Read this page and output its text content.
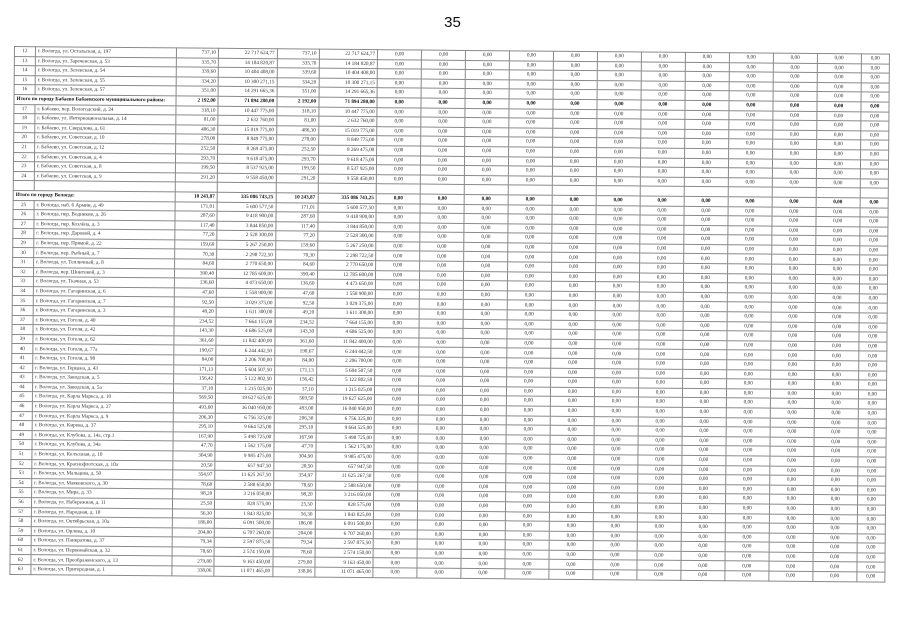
35
12	г. Вологда, ул. Остальская, д. 197	737,10	22 717 624,77	737,10	22 717 624,77	0,00	0,00	0,00	0,00	0,00	0,00	0,00	0,00	0,00	0,00	0,00	0,00
13	г. Вологда, ул. Зареченская, д. 53	335,70	14 184 820,87	335,70	14 184 820,87	0,00	0,00	0,00	0,00	0,00	0,00	0,00	0,00	0,00	0,00	0,00	0,00
14	г. Вологда, ул. Зеленская, д. 54	339,60	10 404 408,00	339,60	10 404 408,00	0,00	0,00	0,00	0,00	0,00	0,00	0,00	0,00	0,00	0,00	0,00	0,00
15	г. Вологда, ул. Зеленская, д. 55	334,20	10 300 271,15	334,20	10 300 271,15	0,00	0,00	0,00	0,00	0,00	0,00	0,00	0,00	0,00	0,00	0,00	0,00
16	г. Вологда, ул. Зеленская, д. 57	351,00	14 291 665,36	351,00	14 291 665,36	0,00	0,00	0,00	0,00	0,00	0,00	0,00	0,00	0,00	0,00	0,00	0,00
Итого по городу Бабаево Бабаевского муниципального района:		2 192,00	71 894 280,00	2 192,00	71 894 280,00	0,00	0,00	0,00	0,00	0,00	0,00	0,00	0,00	0,00	0,00	0,00	0,00
17	г. Бабаево, пер. Вологодский, д. 24	318,10	10 447 775,00	318,10	10 447 775,00	0,00	0,00	0,00	0,00	0,00	0,00	0,00	0,00	0,00	0,00	0,00	0,00
18	г. Бабаево, ул. Интернациональная, д. 14	81,00	2 632 760,00	81,00	2 632 760,00	0,00	0,00	0,00	0,00	0,00	0,00	0,00	0,00	0,00	0,00	0,00	0,00
19	г. Бабаево, ул. Свердлова, д. 61	486,30	15 019 775,00	486,30	15 019 775,00	0,00	0,00	0,00	0,00	0,00	0,00	0,00	0,00	0,00	0,00	0,00	0,00
20	г. Бабаево, ул. Советская, д. 10	278,00	8 849 775,00	278,00	8 849 775,00	0,00	0,00	0,00	0,00	0,00	0,00	0,00	0,00	0,00	0,00	0,00	0,00
21	г. Бабаево, ул. Советская, д. 12	252,50	8 269 475,00	252,50	8 269 475,00	0,00	0,00	0,00	0,00	0,00	0,00	0,00	0,00	0,00	0,00	0,00	0,00
22	г. Бабаево, ул. Советская, д. 4	293,70	9 618 475,00	293,70	9 618 475,00	0,00	0,00	0,00	0,00	0,00	0,00	0,00	0,00	0,00	0,00	0,00	0,00
23	г. Бабаево, ул. Советская, д. 8	199,50	8 537 925,00	199,50	8 537 925,00	0,00	0,00	0,00	0,00	0,00	0,00	0,00	0,00	0,00	0,00	0,00	0,00
24	г. Бабаево, ул. Советская, д. 9	291,20	9 558 450,00	291,20	9 558 450,00	0,00	0,00	0,00	0,00	0,00	0,00	0,00	0,00	0,00	0,00	0,00	0,00

Итого по городу Вологде:		10 243,87	335 086 743,25	10 243,87	335 086 743,25	0,00	0,00	0,00	0,00	0,00	0,00	0,00	0,00	0,00	0,00	0,00	0,00
25	г. Вологда, наб. 6 Армии, д. 49	171,01	5 600 577,50	171,01	5 600 577,50	0,00	0,00	0,00	0,00	0,00	0,00	0,00	0,00	0,00	0,00	0,00	0,00
26	г. Вологда, пер. Водников, д. 26	287,60	9 418 900,00	287,60	9 418 900,00	0,00	0,00	0,00	0,00	0,00	0,00	0,00	0,00	0,00	0,00	0,00	0,00
27	г. Вологда, пер. Козлёна, д. 3	117,40	3 844 850,00	117,40	3 844 850,00	0,00	0,00	0,00	0,00	0,00	0,00	0,00	0,00	0,00	0,00	0,00	0,00
28	г. Вологда, пер. Даровой, д. 4	77,20	2 528 300,00	77,20	2 528 300,00	0,00	0,00	0,00	0,00	0,00	0,00	0,00	0,00	0,00	0,00	0,00	0,00
29	г. Вологда, пер. Прямой, д. 22	159,60	5 267 250,00	159,60	5 267 250,00	0,00	0,00	0,00	0,00	0,00	0,00	0,00	0,00	0,00	0,00	0,00	0,00
30	г. Вологда, пер. Рыбный, д. 7	70,30	2 298 722,50	70,30	2 298 722,50	0,00	0,00	0,00	0,00	0,00	0,00	0,00	0,00	0,00	0,00	0,00	0,00
31	г. Вологда, ул. Тепличный, д. 8	84,60	2 770 650,00	84,60	2 770 650,00	0,00	0,00	0,00	0,00	0,00	0,00	0,00	0,00	0,00	0,00	0,00	0,00
32	г. Вологда, пер. Шнитовой, д. 3	390,40	12 785 600,00	390,40	12 785 600,00	0,00	0,00	0,00	0,00	0,00	0,00	0,00	0,00	0,00	0,00	0,00	0,00
33	г. Вологда, ул. Ткачная, д. 53	136,60	4 473 650,00	136,60	4 473 650,00	0,00	0,00	0,00	0,00	0,00	0,00	0,00	0,00	0,00	0,00	0,00	0,00
34	г. Вологда, ул. Гагаринская, д. 6	47,60	1 558 900,00	47,60	1 558 900,00	0,00	0,00	0,00	0,00	0,00	0,00	0,00	0,00	0,00	0,00	0,00	0,00
35	г. Вологда, ул. Гагаринская, д. 7	92,50	3 029 375,00	92,50	3 029 375,00	0,00	0,00	0,00	0,00	0,00	0,00	0,00	0,00	0,00	0,00	0,00	0,00
36	г. Вологда, ул. Гагаринская, д. 3	49,20	1 611 300,00	49,20	1 611 300,00	0,00	0,00	0,00	0,00	0,00	0,00	0,00	0,00	0,00	0,00	0,00	0,00
37	г. Вологда, ул. Гоголя, д. 40	234,52	7 664 155,00	234,52	7 664 155,00	0,00	0,00	0,00	0,00	0,00	0,00	0,00	0,00	0,00	0,00	0,00	0,00
38	г. Вологда, ул. Гоголя, д. 42	143,30	4 686 525,00	143,30	4 686 525,00	0,00	0,00	0,00	0,00	0,00	0,00	0,00	0,00	0,00	0,00	0,00	0,00
39	г. Вологда, ул. Гоголя, д. 62	361,60	11 842 400,00	361,60	11 842 400,00	0,00	0,00	0,00	0,00	0,00	0,00	0,00	0,00	0,00	0,00	0,00	0,00
40	г. Вологда, ул. Гоголя, д. 77а	190,67	6 244 442,50	190,67	6 244 442,50	0,00	0,00	0,00	0,00	0,00	0,00	0,00	0,00	0,00	0,00	0,00	0,00
41	г. Вологда, ул. Гоголя, д. 98	84,00	2 206 700,00	84,00	2 206 700,00	0,00	0,00	0,00	0,00	0,00	0,00	0,00	0,00	0,00	0,00	0,00	0,00
42	г. Вологда, ул. Герцена, д. 43	171,13	5 604 507,50	171,13	5 604 507,50	0,00	0,00	0,00	0,00	0,00	0,00	0,00	0,00	0,00	0,00	0,00	0,00
43	г. Вологда, ул. Заводская, д. 5	156,42	5 122 802,50	156,42	5 122 802,50	0,00	0,00	0,00	0,00	0,00	0,00	0,00	0,00	0,00	0,00	0,00	0,00
44	г. Вологда, ул. Заводская, д. 5а	37,10	1 215 025,00	37,10	1 215 025,00	0,00	0,00	0,00	0,00	0,00	0,00	0,00	0,00	0,00	0,00	0,00	0,00
45	г. Вологда, ул. Карла Маркса, д. 10	569,50	19 627 625,00	569,50	19 627 625,00	0,00	0,00	0,00	0,00	0,00	0,00	0,00	0,00	0,00	0,00	0,00	0,00
46	г. Вологда, ул. Карла Маркса, д. 27	493,00	16 040 950,00	493,00	16 040 950,00	0,00	0,00	0,00	0,00	0,00	0,00	0,00	0,00	0,00	0,00	0,00	0,00
47	г. Вологда, ул. Карла Маркса, д. 9	206,30	6 756 325,00	206,30	6 756 325,00	0,00	0,00	0,00	0,00	0,00	0,00	0,00	0,00	0,00	0,00	0,00	0,00
48	г. Вологда, ул. Кирова, д. 37	295,10	9 664 525,00	295,10	9 664 525,00	0,00	0,00	0,00	0,00	0,00	0,00	0,00	0,00	0,00	0,00	0,00	0,00
49	г. Вологда, ул. Клубова, д. 14а, стр.1	167,90	5 498 725,00	167,90	5 498 725,00	0,00	0,00	0,00	0,00	0,00	0,00	0,00	0,00	0,00	0,00	0,00	0,00
50	г. Вологда, ул. Клубова, д. 34а	47,70	1 562 175,00	47,70	1 562 175,00	0,00	0,00	0,00	0,00	0,00	0,00	0,00	0,00	0,00	0,00	0,00	0,00
51	г. Вологда, ул. Колхозная, д. 10	304,90	9 985 475,00	304,90	9 985 475,00	0,00	0,00	0,00	0,00	0,00	0,00	0,00	0,00	0,00	0,00	0,00	0,00
52	г. Вологда, ул. Краснофлотская, д. 10а	20,50	657 947,50	20,50	657 947,50	0,00	0,00	0,00	0,00	0,00	0,00	0,00	0,00	0,00	0,00	0,00	0,00
53	г. Вологда, ул. Мальцева, д. 50	354,97	11 625 267,50	354,97	11 625 267,50	0,00	0,00	0,00	0,00	0,00	0,00	0,00	0,00	0,00	0,00	0,00	0,00
54	г. Вологда, ул. Маяковского, д. 30	78,60	2 588 650,00	78,60	2 588 650,00	0,00	0,00	0,00	0,00	0,00	0,00	0,00	0,00	0,00	0,00	0,00	0,00
55	г. Вологда, ул. Мира, д. 33	98,20	3 216 050,00	98,20	3 216 050,00	0,00	0,00	0,00	0,00	0,00	0,00	0,00	0,00	0,00	0,00	0,00	0,00
56	г. Вологда, ул. Набережная, д. 11	25,50	828 575,00	25,50	828 575,00	0,00	0,00	0,00	0,00	0,00	0,00	0,00	0,00	0,00	0,00	0,00	0,00
57	г. Вологда, ул. Народная, д. 10	56,30	1 843 825,00	56,30	1 843 825,00	0,00	0,00	0,00	0,00	0,00	0,00	0,00	0,00	0,00	0,00	0,00	0,00
58	г. Вологда, ул. Октябрьская, д. 10а	186,00	6 091 500,00	186,00	6 091 500,00	0,00	0,00	0,00	0,00	0,00	0,00	0,00	0,00	0,00	0,00	0,00	0,00
59	г. Вологда, ул. Орлова, д. 10	204,00	6 707 260,00	204,00	6 707 260,00	0,00	0,00	0,00	0,00	0,00	0,00	0,00	0,00	0,00	0,00	0,00	0,00
60	г. Вологда, ул. Панкратова, д. 37	79,34	2 597 875,50	79,34	2 597 875,50	0,00	0,00	0,00	0,00	0,00	0,00	0,00	0,00	0,00	0,00	0,00	0,00
61	г. Вологда, ул. Первомайская, д. 32	78,60	2 574 150,00	78,60	2 574 150,00	0,00	0,00	0,00	0,00	0,00	0,00	0,00	0,00	0,00	0,00	0,00	0,00
62	г. Вологда, ул. Преображенского, д. 13	279,80	9 163 450,00	279,80	9 163 450,00	0,00	0,00	0,00	0,00	0,00	0,00	0,00	0,00	0,00	0,00	0,00	0,00
63	г. Вологда, ул. Пригородная, д. 1	338,06	11 071 465,00	338,06	11 071 465,00	0,00	0,00	0,00	0,00	0,00	0,00	0,00	0,00	0,00	0,00	0,00	0,00
